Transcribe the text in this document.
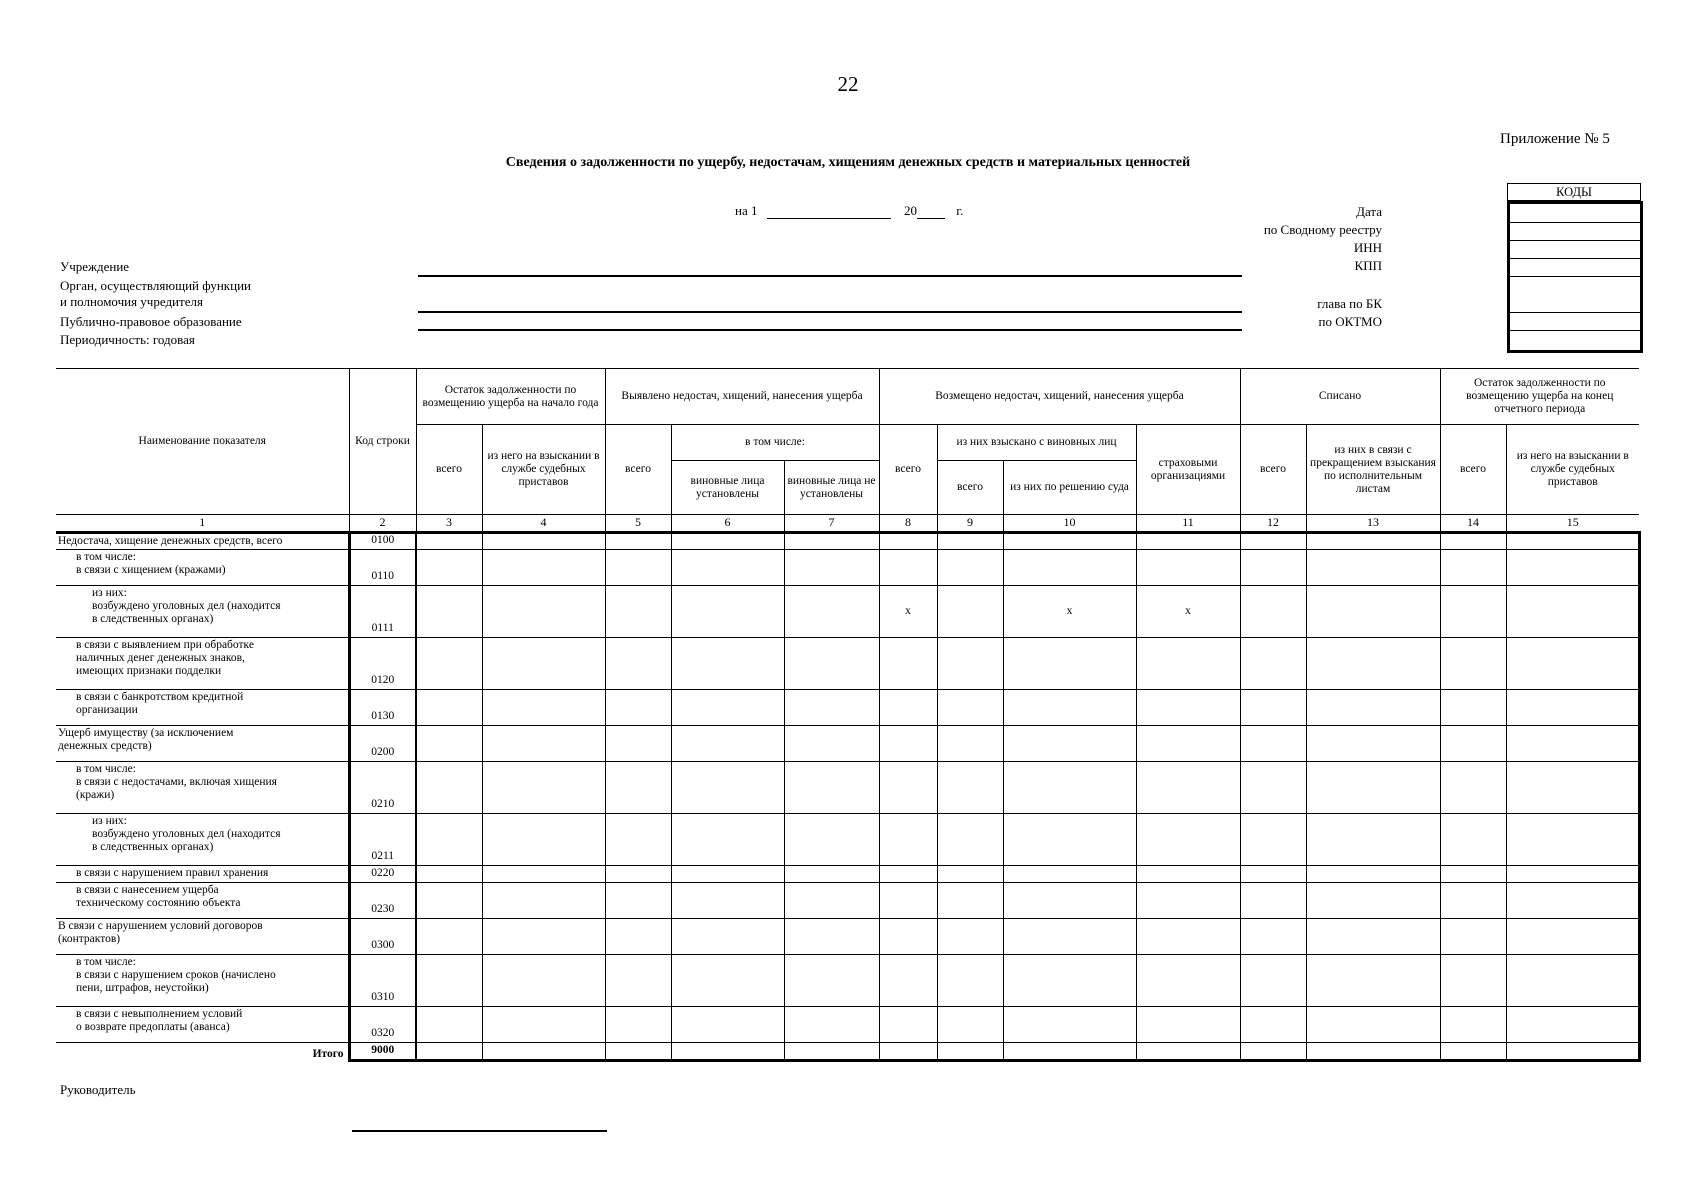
22
Приложение № 5
Сведения о задолженности по ущербу, недостачам, хищениям денежных средств и материальных ценностей
на 1	20	г.	Дата
по Сводному реестру
ИНН
КПП
глава по БК
по ОКТМО
КОДЫ
Учреждение
Орган, осуществляющий функции
и полномочия учредителя
Публично-правовое образование
Периодичность: годовая
Наименование показателя	Код строки	Остаток задолженности по возмещению ущерба на начало года		Выявлено недостач, хищений, нанесения ущерба			Возмещено недостач, хищений, нанесения ущерба				Списано		Остаток задолженности по возмещению ущерба на конец отчетного периода	
		всего	из него на взыскании в службе судебных приставов	всего	в том числе:		всего	из них взыскано с виновных лиц		страховыми организациями	всего	из них в связи с прекращением взыскания по исполнительным листам	всего	из него на взыскании в службе судебных приставов
					виновные лица установлены	виновные лица не установлены		всего	из них по решению суда					
1	2	3	4	5	6	7	8	9	10	11	12	13	14	15

Недостача, хищение денежных средств, всего	0100													

в том числе:
в связи с хищением (кражами)	0110													

из них:
возбуждено уголовных дел (находится
в следственных органах)	0111						x		x	x				

в связи с выявлением при обработке
наличных денег денежных знаков,
имеющих признаки подделки	0120													

в связи с банкротством кредитной
организации	0130													

Ущерб имуществу (за исключением
денежных средств)	0200													

в том числе:
в связи с недостачами, включая хищения
(кражи)	0210													

из них:
возбуждено уголовных дел (находится
в следственных органах)	0211													

в связи с нарушением правил хранения	0220													

в связи с нанесением ущерба
техническому состоянию объекта	0230													

В связи с нарушением условий договоров
(контрактов)	0300													

в том числе:
в связи с нарушением сроков (начислено
пени, штрафов, неустойки)	0310													

в связи с невыполнением условий
о возврате предоплаты (аванса)	0320													
Итого	9000													
Руководитель
